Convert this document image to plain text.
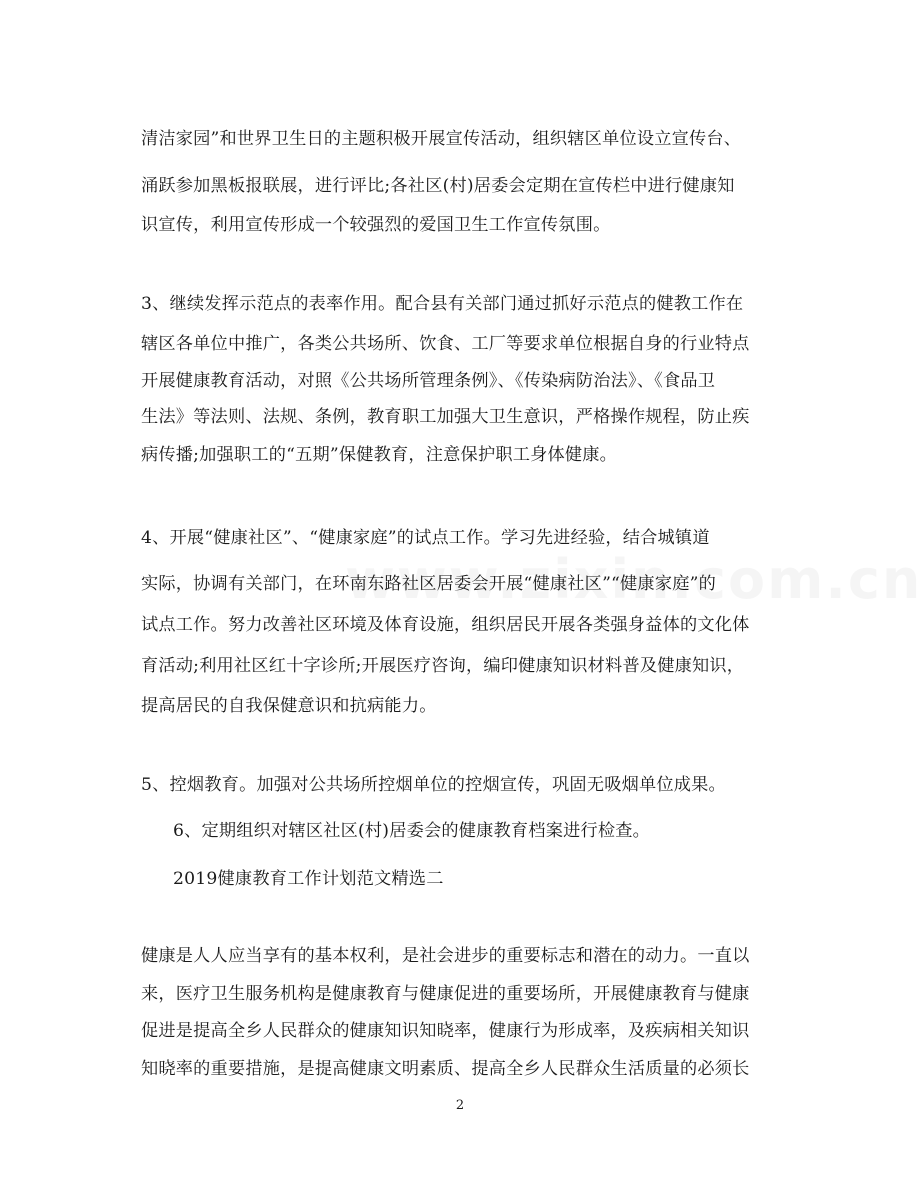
清洁家园”和世界卫生日的主题积极开展宣传活动，组织辖区单位设立宣传台、
涌跃参加黑板报联展，进行评比;各社区(村)居委会定期在宣传栏中进行健康知
识宣传，利用宣传形成一个较强烈的爱国卫生工作宣传氛围。
3、继续发挥示范点的表率作用。配合县有关部门通过抓好示范点的健教工作在
辖区各单位中推广，各类公共场所、饮食、工厂等要求单位根据自身的行业特点
开展健康教育活动，对照《公共场所管理条例》、《传染病防治法》、《食品卫
生法》等法则、法规、条例，教育职工加强大卫生意识，严格操作规程，防止疾
病传播;加强职工的“五期”保健教育，注意保护职工身体健康。
4、开展“健康社区”、“健康家庭”的试点工作。学习先进经验，结合城镇道
实际，协调有关部门，在环南东路社区居委会开展“健康社区”“健康家庭”的
试点工作。努力改善社区环境及体育设施，组织居民开展各类强身益体的文化体
育活动;利用社区红十字诊所;开展医疗咨询，编印健康知识材料普及健康知识，
提高居民的自我保健意识和抗病能力。
5、控烟教育。加强对公共场所控烟单位的控烟宣传，巩固无吸烟单位成果。
6、定期组织对辖区社区(村)居委会的健康教育档案进行检查。
2019健康教育工作计划范文精选二
健康是人人应当享有的基本权利，是社会进步的重要标志和潜在的动力。一直以
来，医疗卫生服务机构是健康教育与健康促进的重要场所，开展健康教育与健康
促进是提高全乡人民群众的健康知识知晓率，健康行为形成率，及疾病相关知识
知晓率的重要措施，是提高健康文明素质、提高全乡人民群众生活质量的必须长
2
